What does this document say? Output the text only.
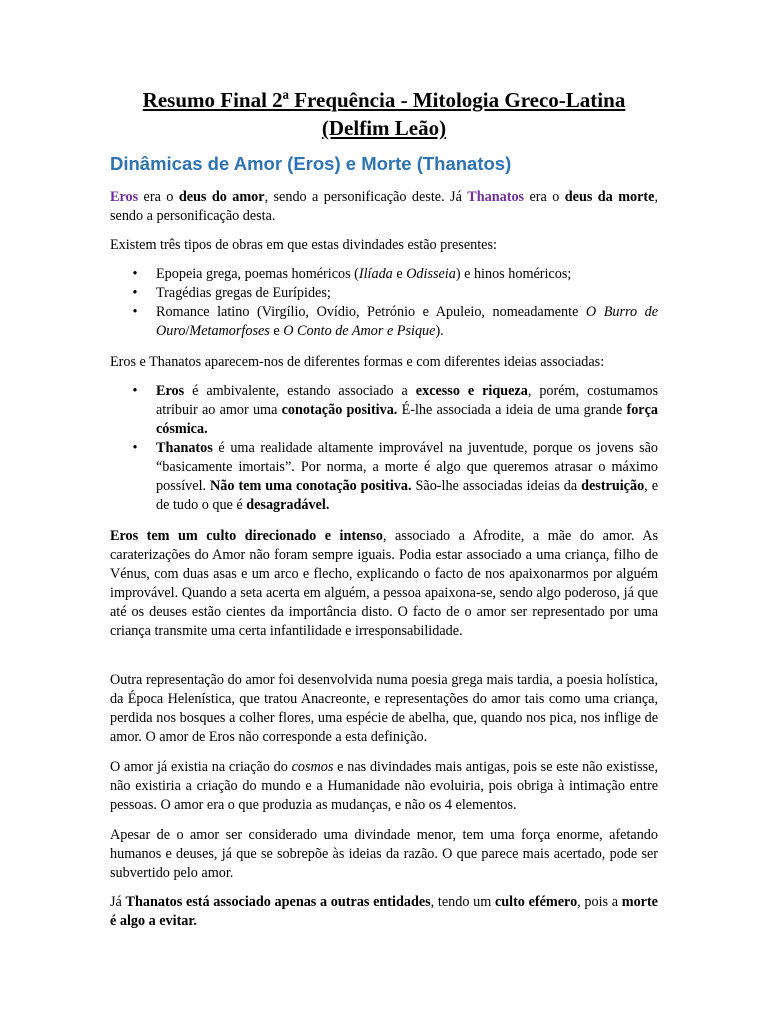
Resumo Final 2ª Frequência - Mitologia Greco-Latina
(Delfim Leão)
Dinâmicas de Amor (Eros) e Morte (Thanatos)

Eros era o deus do amor, sendo a personificação deste. Já Thanatos era o deus da morte, sendo a personificação desta.

Existem três tipos de obras em que estas divindades estão presentes:

• Epopeia grega, poemas homéricos (Ilíada e Odisseia) e hinos homéricos;
• Tragédias gregas de Eurípides;
• Romance latino (Virgílio, Ovídio, Petrónio e Apuleio, nomeadamente O Burro de Ouro/Metamorfoses e O Conto de Amor e Psique).

Eros e Thanatos aparecem-nos de diferentes formas e com diferentes ideias associadas:

• Eros é ambivalente, estando associado a excesso e riqueza, porém, costumamos atribuir ao amor uma conotação positiva. É-lhe associada a ideia de uma grande força cósmica.
• Thanatos é uma realidade altamente improvável na juventude, porque os jovens são “basicamente imortais”. Por norma, a morte é algo que queremos atrasar o máximo possível. Não tem uma conotação positiva. São-lhe associadas ideias da destruição, e de tudo o que é desagradável.

Eros tem um culto direcionado e intenso, associado a Afrodite, a mãe do amor. As caraterizações do Amor não foram sempre iguais. Podia estar associado a uma criança, filho de Vénus, com duas asas e um arco e flecho, explicando o facto de nos apaixonarmos por alguém improvável. Quando a seta acerta em alguém, a pessoa apaixona-se, sendo algo poderoso, já que até os deuses estão cientes da importância disto. O facto de o amor ser representado por uma criança transmite uma certa infantilidade e irresponsabilidade.

Outra representação do amor foi desenvolvida numa poesia grega mais tardia, a poesia holística, da Época Helenística, que tratou Anacreonte, e representações do amor tais como uma criança, perdida nos bosques a colher flores, uma espécie de abelha, que, quando nos pica, nos inflige de amor. O amor de Eros não corresponde a esta definição.

O amor já existia na criação do cosmos e nas divindades mais antigas, pois se este não existisse, não existiria a criação do mundo e a Humanidade não evoluiria, pois obriga à intimação entre pessoas. O amor era o que produzia as mudanças, e não os 4 elementos.

Apesar de o amor ser considerado uma divindade menor, tem uma força enorme, afetando humanos e deuses, já que se sobrepõe às ideias da razão. O que parece mais acertado, pode ser subvertido pelo amor.

Já Thanatos está associado apenas a outras entidades, tendo um culto efémero, pois a morte é algo a evitar.
